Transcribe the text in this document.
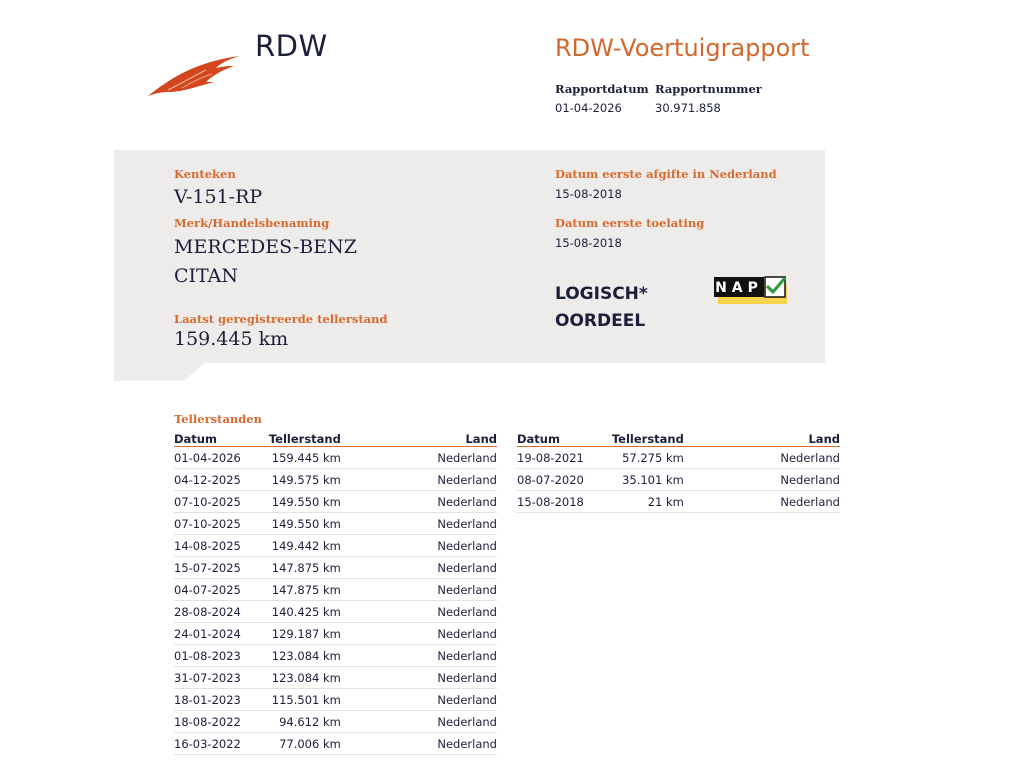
RDW	RDW-Voertuigrapport
Rapportdatum
01-04-2026
Rapportnummer
30.971.858
Kenteken
V-151-RP
Merk/Handelsbenaming
MERCEDES-BENZ
CITAN
Laatst geregistreerde tellerstand
159.445 km
Datum eerste afgifte in Nederland
15-08-2018
Datum eerste toelating
15-08-2018
LOGISCH*
OORDEEL
NAP
Tellerstanden
Datum	Tellerstand	Land
01-04-2026	159.445 km	Nederland
04-12-2025	149.575 km	Nederland
07-10-2025	149.550 km	Nederland
07-10-2025	149.550 km	Nederland
14-08-2025	149.442 km	Nederland
15-07-2025	147.875 km	Nederland
04-07-2025	147.875 km	Nederland
28-08-2024	140.425 km	Nederland
24-01-2024	129.187 km	Nederland
01-08-2023	123.084 km	Nederland
31-07-2023	123.084 km	Nederland
18-01-2023	115.501 km	Nederland
18-08-2022	94.612 km	Nederland
16-03-2022	77.006 km	Nederland
Datum	Tellerstand	Land
19-08-2021	57.275 km	Nederland
08-07-2020	35.101 km	Nederland
15-08-2018	21 km	Nederland
